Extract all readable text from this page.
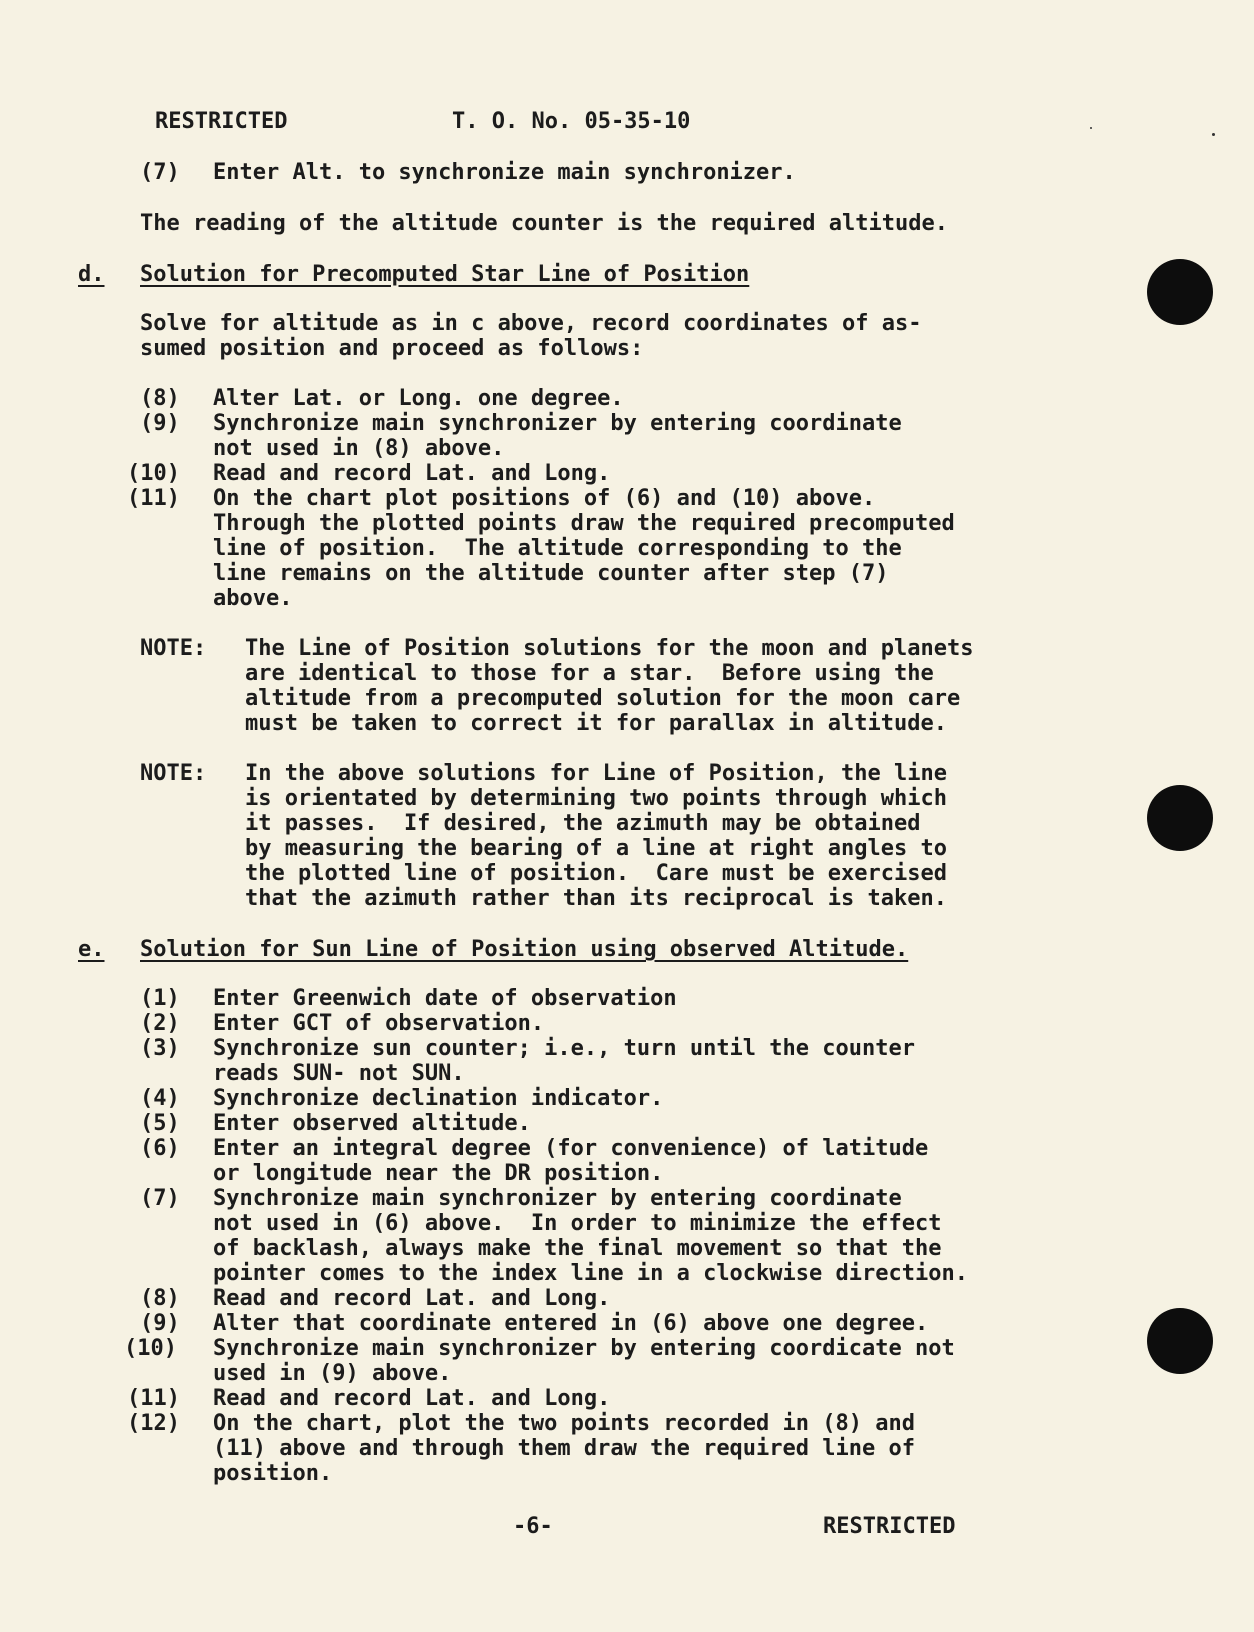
RESTRICTED	T. O. No. 05-35-10
(7) Enter Alt. to synchronize main synchronizer.
The reading of the altitude counter is the required altitude.
d. Solution for Precomputed Star Line of Position
Solve for altitude as in c above, record coordinates of as-
sumed position and proceed as follows:
(8) Alter Lat. or Long. one degree.
(9) Synchronize main synchronizer by entering coordinate
not used in (8) above.
(10) Read and record Lat. and Long.
(11) On the chart plot positions of (6) and (10) above.
Through the plotted points draw the required precomputed
line of position.  The altitude corresponding to the
line remains on the altitude counter after step (7)
above.
NOTE: The Line of Position solutions for the moon and planets
are identical to those for a star.  Before using the
altitude from a precomputed solution for the moon care
must be taken to correct it for parallax in altitude.
NOTE: In the above solutions for Line of Position, the line
is orientated by determining two points through which
it passes.  If desired, the azimuth may be obtained
by measuring the bearing of a line at right angles to
the plotted line of position.  Care must be exercised
that the azimuth rather than its reciprocal is taken.
e. Solution for Sun Line of Position using observed Altitude.
(1) Enter Greenwich date of observation
(2) Enter GCT of observation.
(3) Synchronize sun counter; i.e., turn until the counter
reads SUN- not SUN.
(4) Synchronize declination indicator.
(5) Enter observed altitude.
(6) Enter an integral degree (for convenience) of latitude
or longitude near the DR position.
(7) Synchronize main synchronizer by entering coordinate
not used in (6) above.  In order to minimize the effect
of backlash, always make the final movement so that the
pointer comes to the index line in a clockwise direction.
(8) Read and record Lat. and Long.
(9) Alter that coordinate entered in (6) above one degree.
(10) Synchronize main synchronizer by entering coordicate not
used in (9) above.
(11) Read and record Lat. and Long.
(12) On the chart, plot the two points recorded in (8) and
(11) above and through them draw the required line of
position.
-6-	RESTRICTED
